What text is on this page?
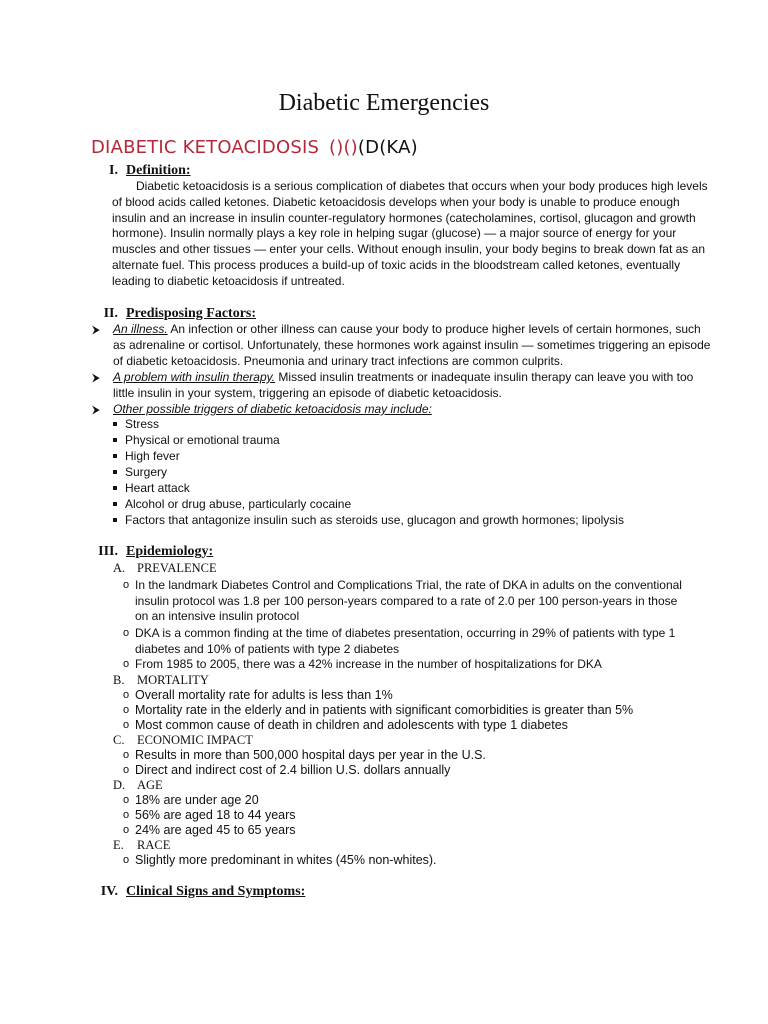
Diabetic Emergencies
DIABETIC KETOACIDOSIS ()()(D(KA)
I. Definition:
Diabetic ketoacidosis is a serious complication of diabetes that occurs when your body produces high levels
of blood acids called ketones. Diabetic ketoacidosis develops when your body is unable to produce enough insulin and an increase in insulin counter-regulatory hormones (catecholamines, cortisol, glucagon and growth hormone). Insulin normally plays a key role in helping sugar (glucose) — a major source of energy for your muscles and other tissues — enter your cells. Without enough insulin, your body begins to break down fat as an alternate fuel. This process produces a build-up of toxic acids in the bloodstream called ketones, eventually leading to diabetic ketoacidosis if untreated.
II. Predisposing Factors:
⮞ An illness. An infection or other illness can cause your body to produce higher levels of certain hormones, such as adrenaline or cortisol. Unfortunately, these hormones work against insulin — sometimes triggering an episode of diabetic ketoacidosis. Pneumonia and urinary tract infections are common culprits.
⮞ A problem with insulin therapy. Missed insulin treatments or inadequate insulin therapy can leave you with too little insulin in your system, triggering an episode of diabetic ketoacidosis.
⮞ Other possible triggers of diabetic ketoacidosis may include:
Stress
Physical or emotional trauma
High fever
Surgery
Heart attack
Alcohol or drug abuse, particularly cocaine
Factors that antagonize insulin such as steroids use, glucagon and growth hormones; lipolysis
III. Epidemiology:
A. PREVALENCE
o In the landmark Diabetes Control and Complications Trial, the rate of DKA in adults on the conventional insulin protocol was 1.8 per 100 person-years compared to a rate of 2.0 per 100 person-years in those on an intensive insulin protocol
o DKA is a common finding at the time of diabetes presentation, occurring in 29% of patients with type 1 diabetes and 10% of patients with type 2 diabetes
o From 1985 to 2005, there was a 42% increase in the number of hospitalizations for DKA
B. MORTALITY
o Overall mortality rate for adults is less than 1%
o Mortality rate in the elderly and in patients with significant comorbidities is greater than 5%
o Most common cause of death in children and adolescents with type 1 diabetes
C. ECONOMIC IMPACT
o Results in more than 500,000 hospital days per year in the U.S.
o Direct and indirect cost of 2.4 billion U.S. dollars annually
D. AGE
o 18% are under age 20
o 56% are aged 18 to 44 years
o 24% are aged 45 to 65 years
E. RACE
o Slightly more predominant in whites (45% non-whites).
IV. Clinical Signs and Symptoms:
